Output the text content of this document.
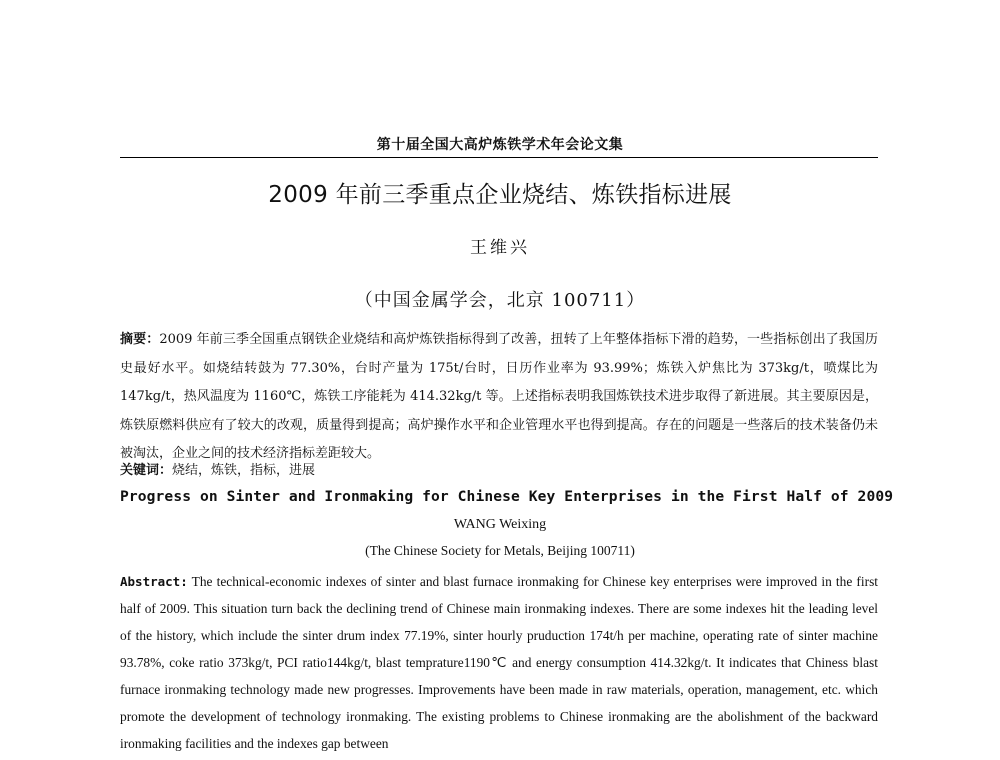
第十届全国大高炉炼铁学术年会论文集
2009 年前三季重点企业烧结、炼铁指标进展
王维兴
（中国金属学会，北京 100711）
摘要：2009 年前三季全国重点钢铁企业烧结和高炉炼铁指标得到了改善，扭转了上年整体指标下滑的趋势，一些指标创出了我国历史最好水平。如烧结转鼓为 77.30%，台时产量为 175t/台时，日历作业率为 93.99%；炼铁入炉焦比为 373kg/t，喷煤比为 147kg/t，热风温度为 1160℃，炼铁工序能耗为 414.32kg/t 等。上述指标表明我国炼铁技术进步取得了新进展。其主要原因是，炼铁原燃料供应有了较大的改观，质量得到提高；高炉操作水平和企业管理水平也得到提高。存在的问题是一些落后的技术装备仍未被淘汰，企业之间的技术经济指标差距较大。
关键词：烧结，炼铁，指标，进展
Progress on Sinter and Ironmaking for Chinese Key Enterprises in the First Half of 2009
WANG Weixing
(The Chinese Society for Metals, Beijing 100711)
Abstract: The technical-economic indexes of sinter and blast furnace ironmaking for Chinese key enterprises were improved in the first half of 2009. This situation turn back the declining trend of Chinese main ironmaking indexes. There are some indexes hit the leading level of the history, which include the sinter drum index 77.19%, sinter hourly pruduction 174t/h per machine, operating rate of sinter machine 93.78%, coke ratio 373kg/t, PCI ratio144kg/t, blast temprature1190℃ and energy consumption 414.32kg/t. It indicates that Chiness blast furnace ironmaking technology made new progresses. Improvements have been made in raw materials, operation, management, etc. which promote the development of technology ironmaking. The existing problems to Chinese ironmaking are the abolishment of the backward ironmaking facilities and the indexes gap between
